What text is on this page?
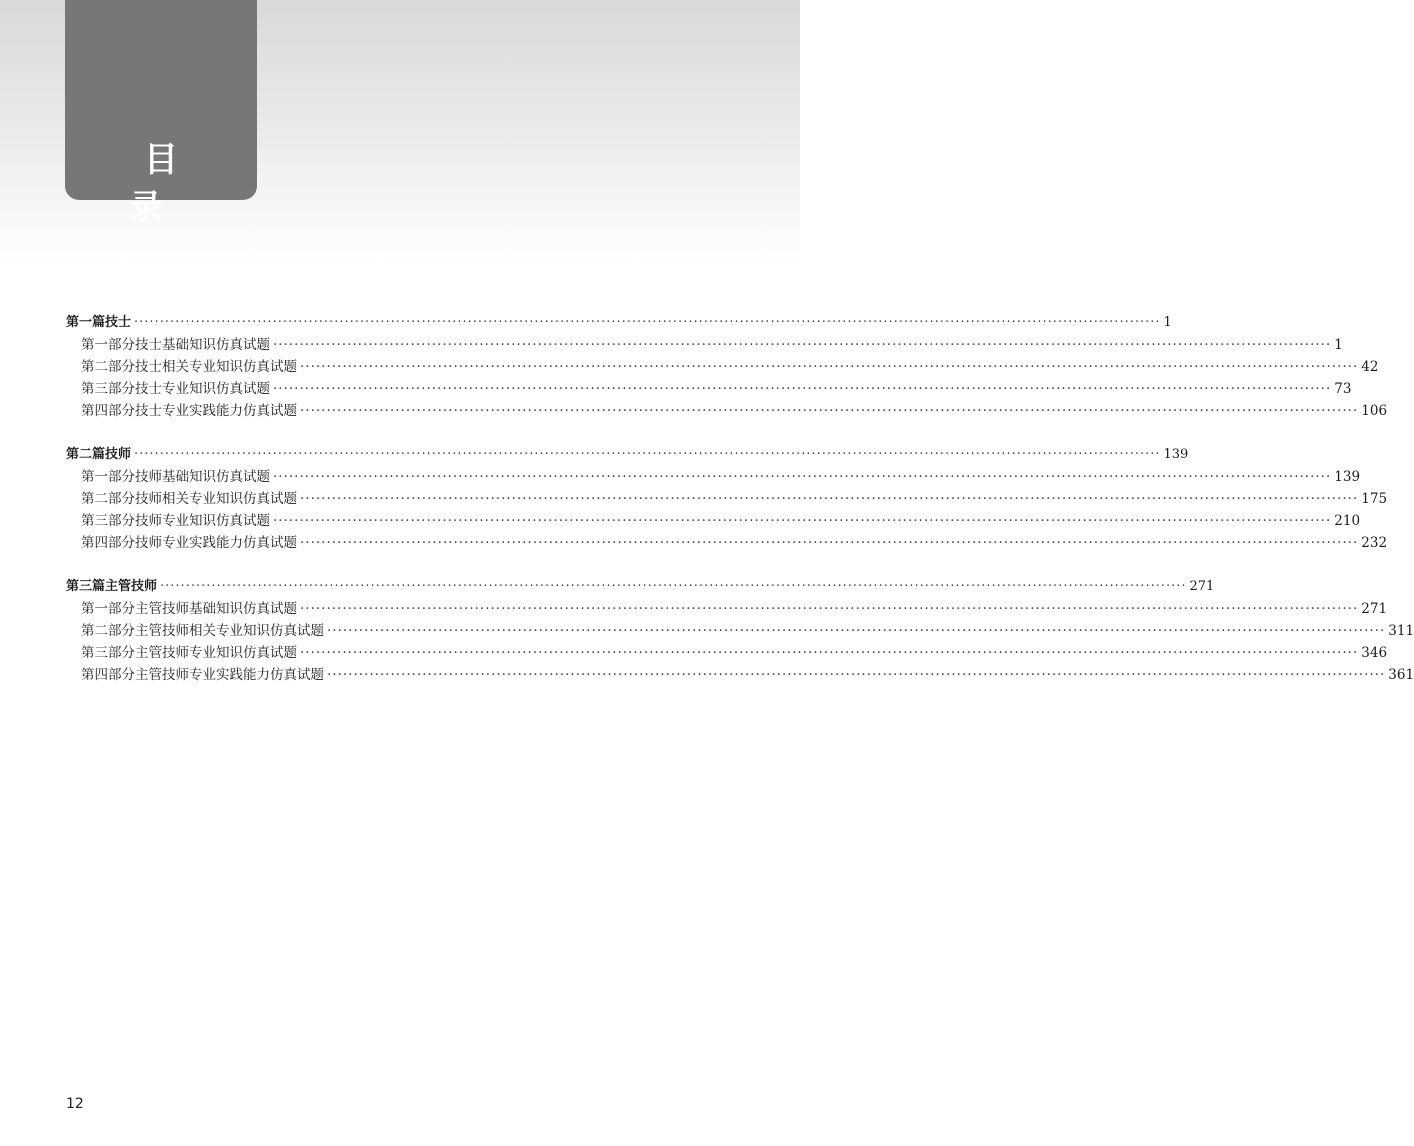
目 录
第一篇 技士 ········································································································································································································ 1
第一部分 技士基础知识仿真试题 ········································································································································································································ 1
第二部分 技士相关专业知识仿真试题 ········································································································································································································ 42
第三部分 技士专业知识仿真试题 ········································································································································································································ 73
第四部分 技士专业实践能力仿真试题 ········································································································································································································ 106
第二篇 技师 ········································································································································································································ 139
第一部分 技师基础知识仿真试题 ········································································································································································································ 139
第二部分 技师相关专业知识仿真试题 ········································································································································································································ 175
第三部分 技师专业知识仿真试题 ········································································································································································································ 210
第四部分 技师专业实践能力仿真试题 ········································································································································································································ 232
第三篇 主管技师 ········································································································································································································ 271
第一部分 主管技师基础知识仿真试题 ········································································································································································································ 271
第二部分 主管技师相关专业知识仿真试题 ········································································································································································································ 311
第三部分 主管技师专业知识仿真试题 ········································································································································································································ 346
第四部分 主管技师专业实践能力仿真试题 ········································································································································································································ 361
12
